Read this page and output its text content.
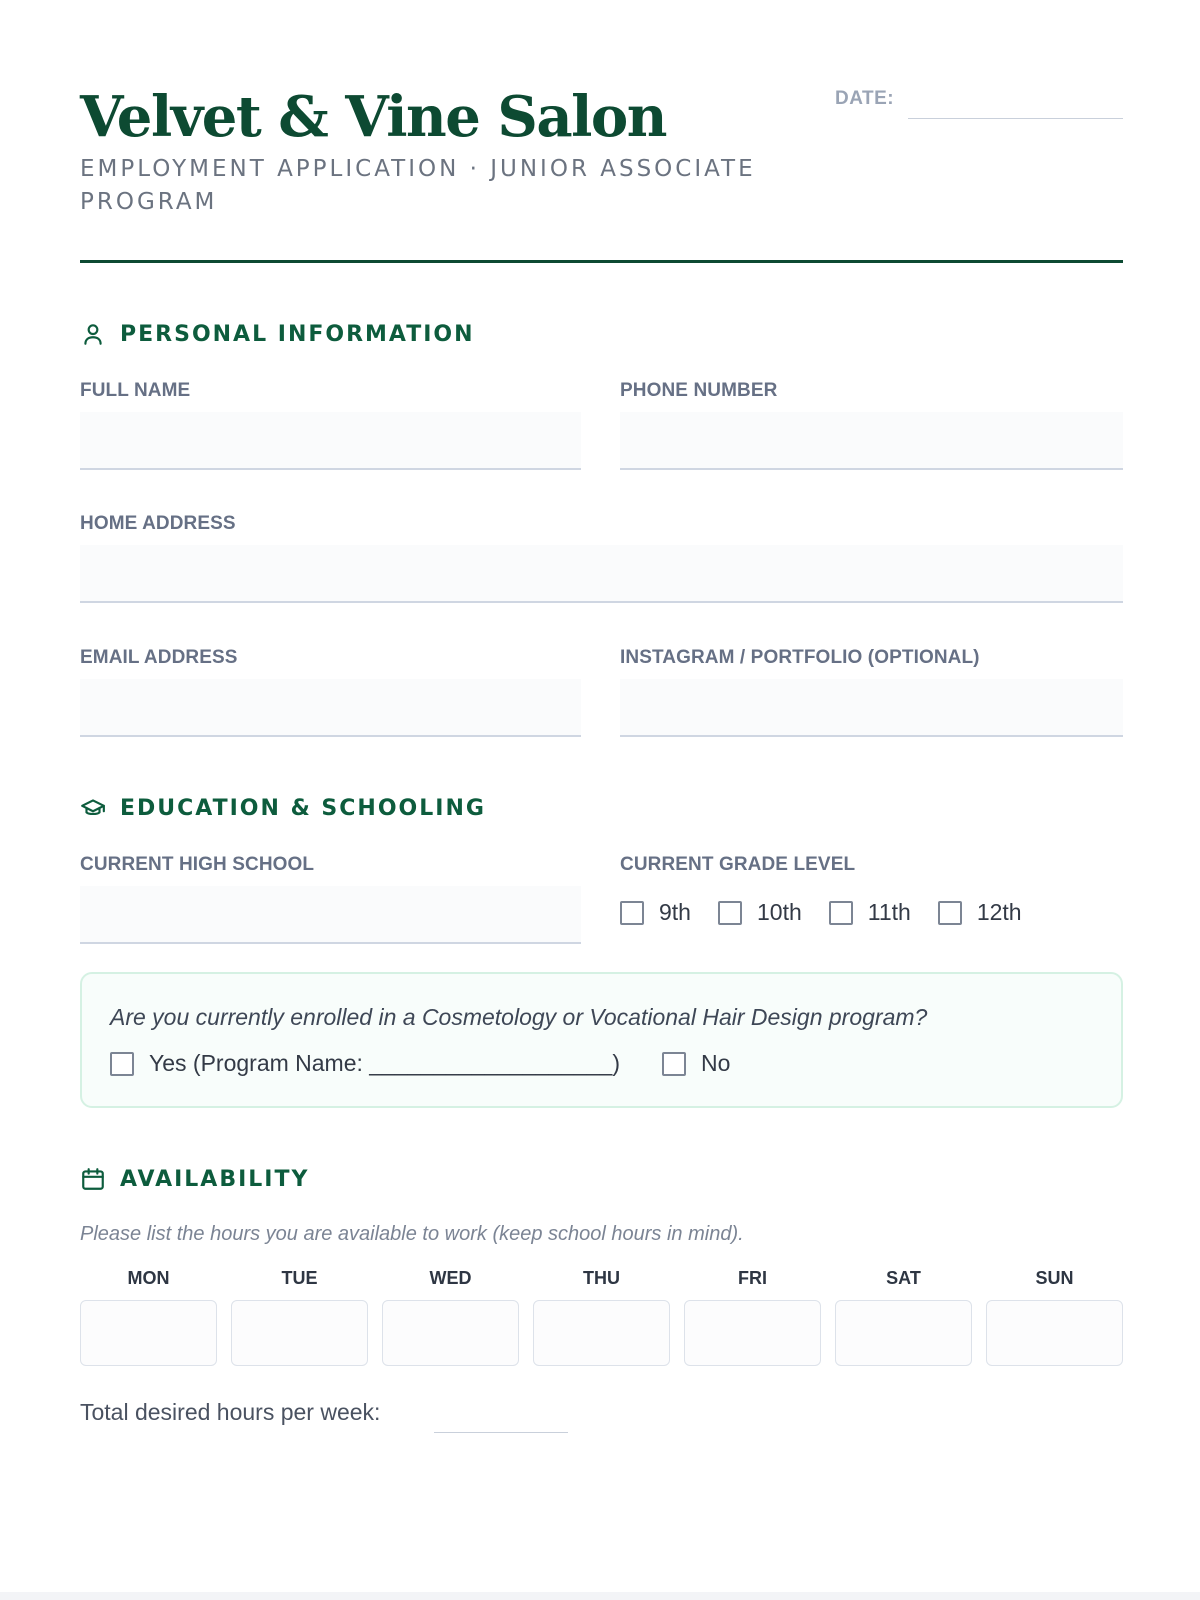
Velvet & Vine Salon
EMPLOYMENT APPLICATION · JUNIOR ASSOCIATE PROGRAM
DATE:
PERSONAL INFORMATION
FULL NAME	PHONE NUMBER
HOME ADDRESS
EMAIL ADDRESS	INSTAGRAM / PORTFOLIO (OPTIONAL)
EDUCATION & SCHOOLING
CURRENT HIGH SCHOOL	CURRENT GRADE LEVEL
9th	10th	11th	12th
Are you currently enrolled in a Cosmetology or Vocational Hair Design program?
Yes (Program Name: ___________________)	No
AVAILABILITY
Please list the hours you are available to work (keep school hours in mind).
MON	TUE	WED	THU	FRI	SAT	SUN
Total desired hours per week:
